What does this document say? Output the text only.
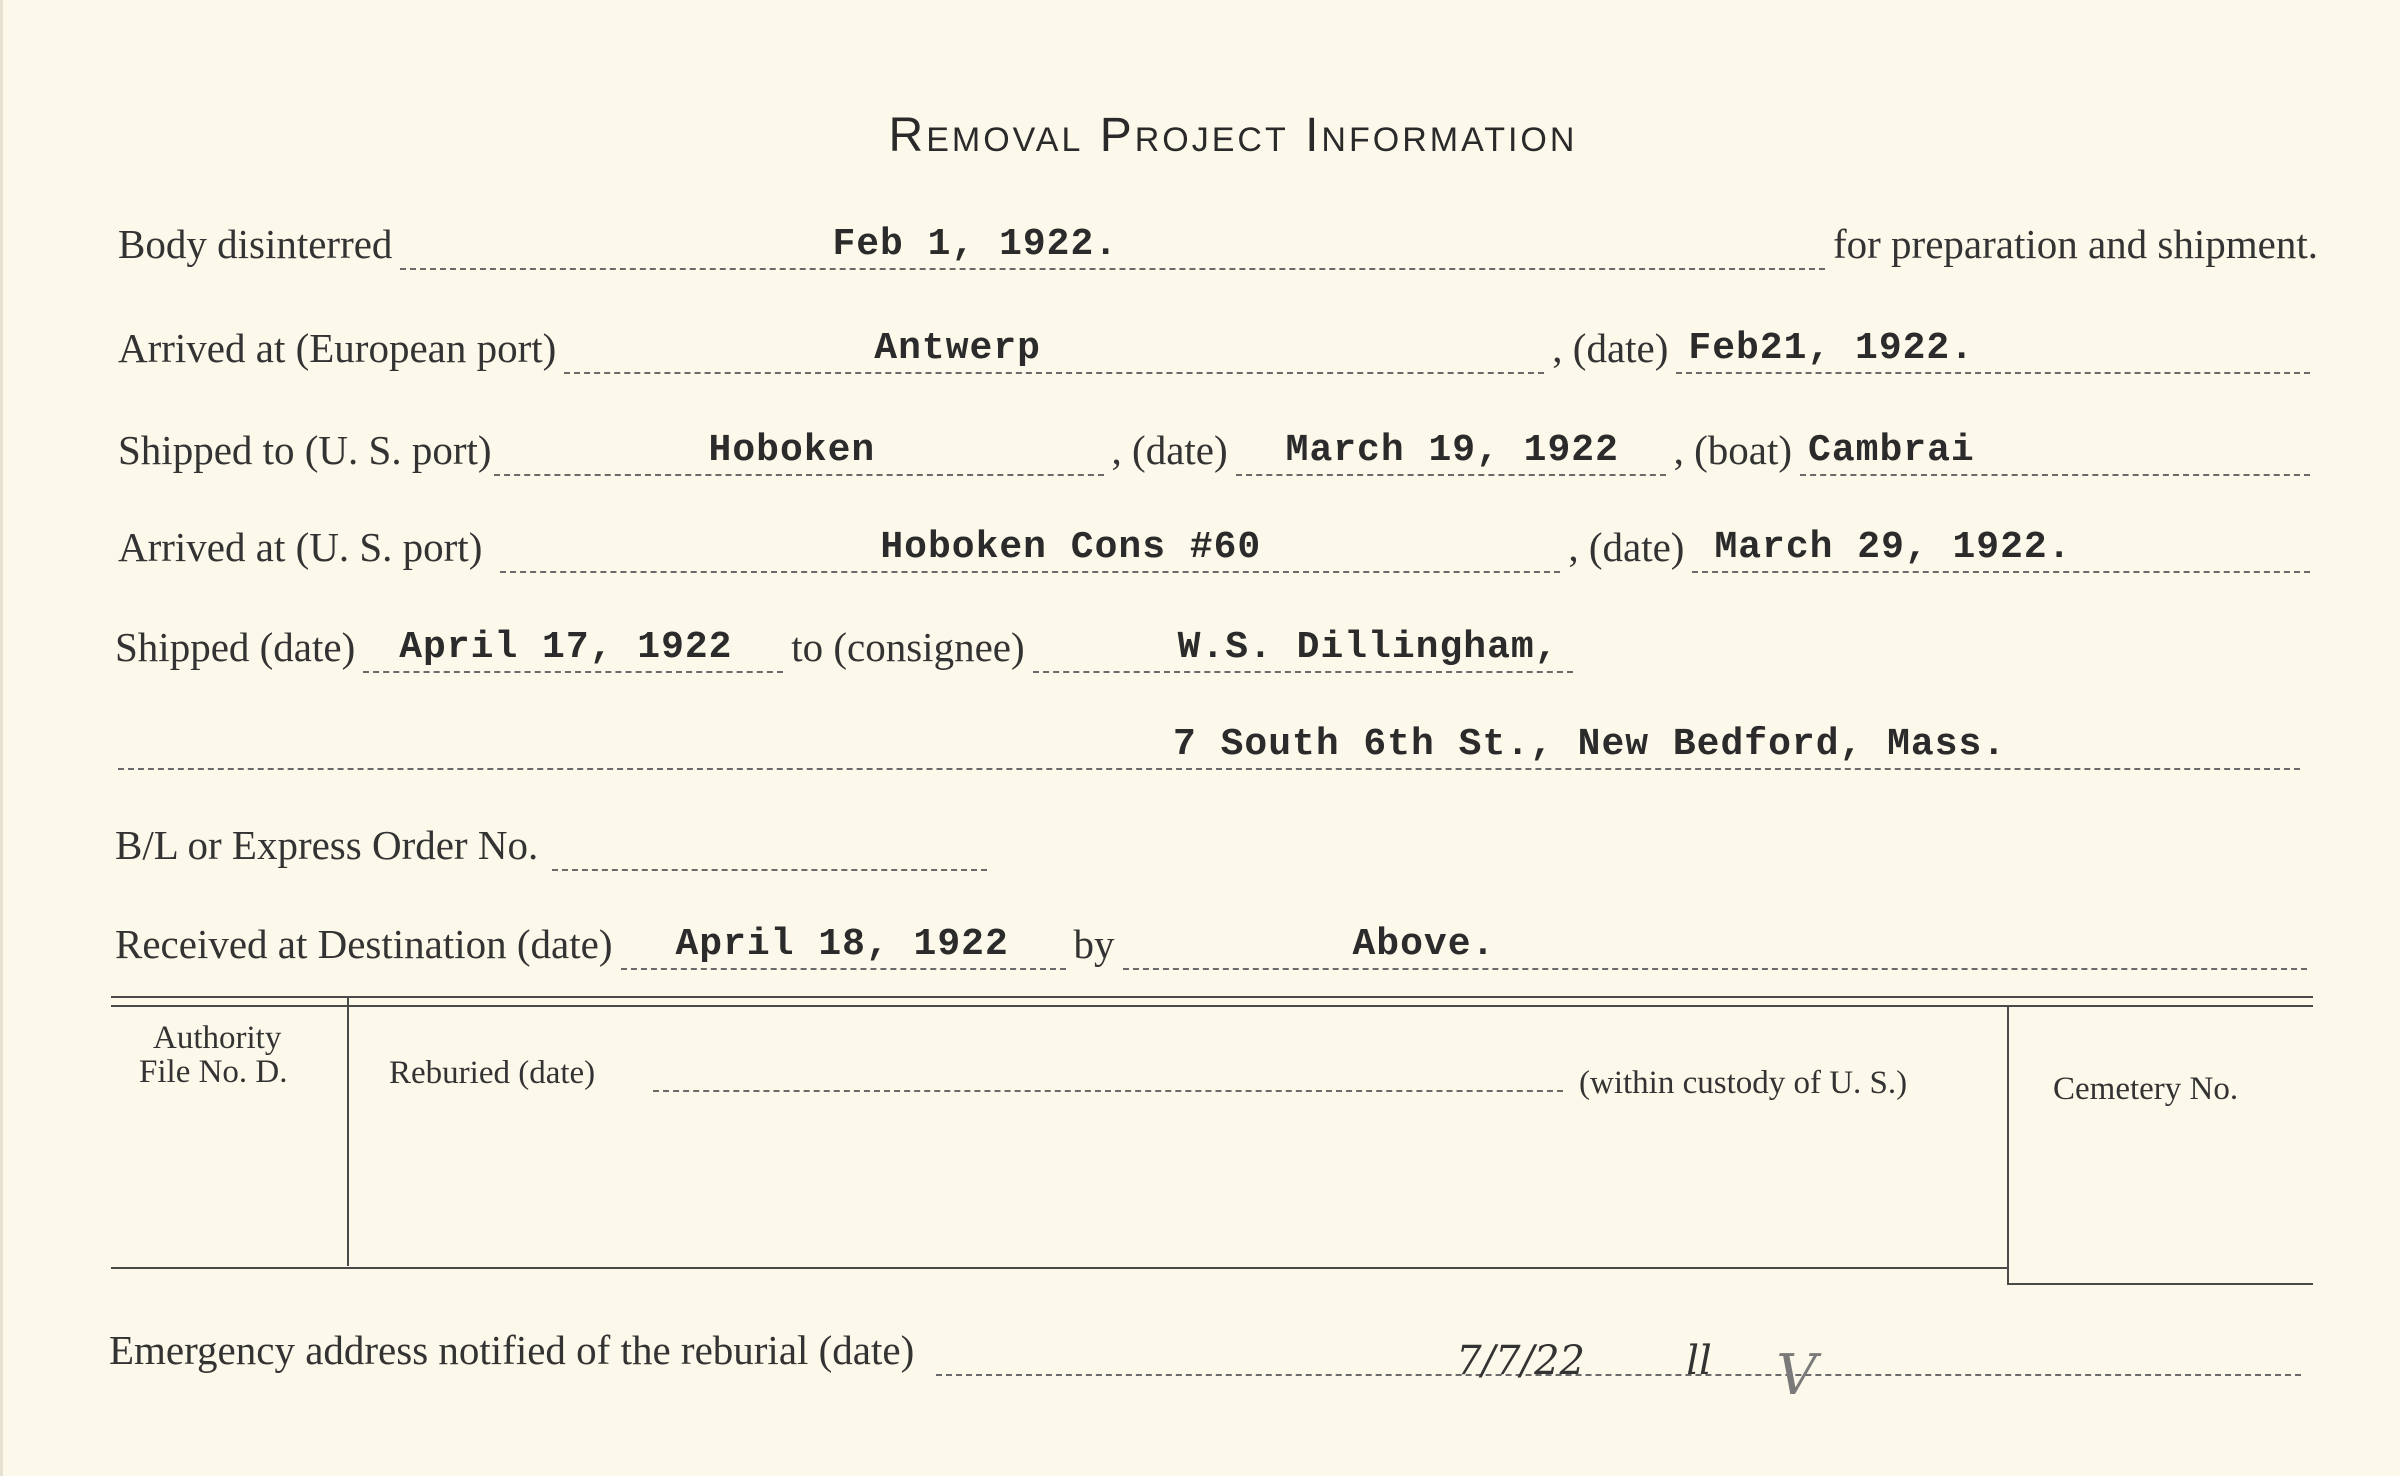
Removal Project Information
Body disinterred	Feb 1, 1922.	for preparation and shipment.
Arrived at (European port)	Antwerp	, (date) Feb21, 1922.
Shipped to (U. S. port)	Hoboken	, (date) March 19, 1922 , (boat) Cambrai
Arrived at (U. S. port)	Hoboken Cons #60	, (date) March 29, 1922.
Shipped (date) April 17, 1922 to (consignee)	W.S. Dillingham,
7 South 6th St., New Bedford, Mass.
B/L or Express Order No.
Received at Destination (date) April 18, 1922 by	Above.
Authority
File No. D.	Reburied (date)	(within custody of U. S.)	Cemetery No.
Emergency address notified of the reburial (date)	7/7/22	ll V
